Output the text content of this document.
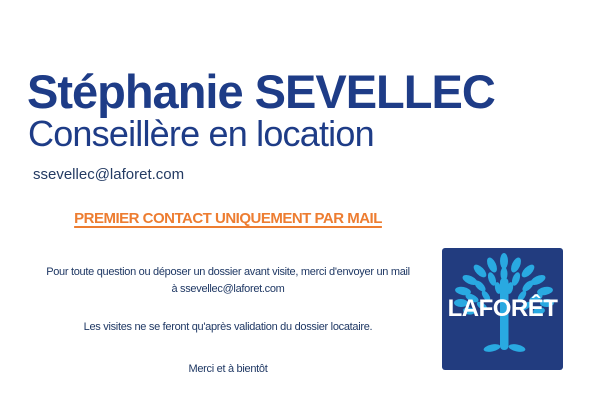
Stéphanie SEVELLEC
Conseillère en location
ssevellec@laforet.com
PREMIER CONTACT UNIQUEMENT PAR MAIL
Pour toute question ou déposer un dossier avant visite, merci d'envoyer un mail
à ssevellec@laforet.com
Les visites ne se feront qu'après validation du dossier locataire.
Merci et à bientôt
LAFORÊT
